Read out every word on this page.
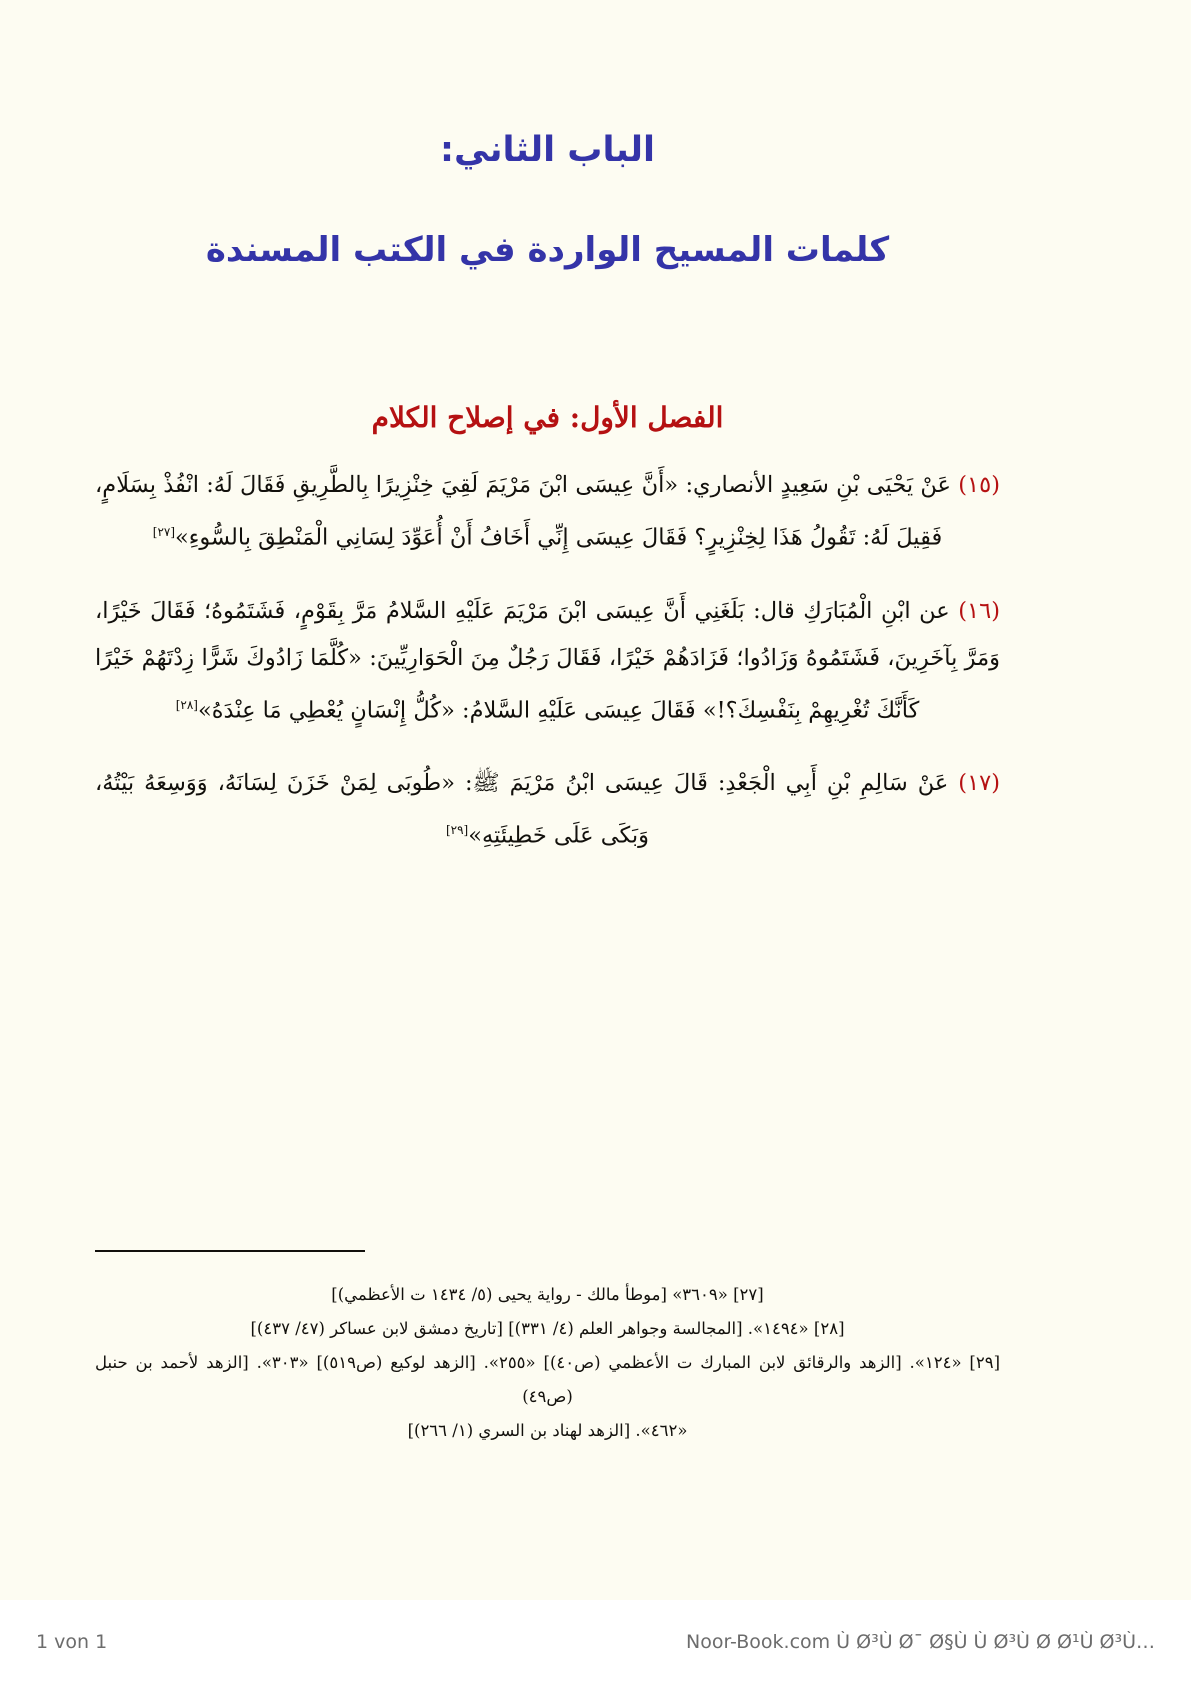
الباب الثاني:
كلمات المسيح الواردة في الكتب المسندة
الفصل الأول: في إصلاح الكلام

(١٥) عَنْ يَحْيَى بْنِ سَعِيدٍ الأنصاري: «أَنَّ عِيسَى ابْنَ مَرْيَمَ لَقِيَ خِنْزِيرًا بِالطَّرِيقِ فَقَالَ لَهُ: انْفُذْ بِسَلَامٍ، فَقِيلَ لَهُ: تَقُولُ هَذَا لِخِنْزِيرٍ؟ فَقَالَ عِيسَى إِنِّي أَخَافُ أَنْ أُعَوِّدَ لِسَانِي الْمَنْطِقَ بِالسُّوءِ»[٢٧]

(١٦) عن ابْنِ الْمُبَارَكِ قال: بَلَغَنِي أَنَّ عِيسَى ابْنَ مَرْيَمَ عَلَيْهِ السَّلامُ مَرَّ بِقَوْمٍ، فَشَتَمُوهُ؛ فَقَالَ خَيْرًا، وَمَرَّ بِآخَرِينَ، فَشَتَمُوهُ وَزَادُوا؛ فَزَادَهُمْ خَيْرًا، فَقَالَ رَجُلٌ مِنَ الْحَوَارِيِّينَ: «كُلَّمَا زَادُوكَ شَرًّا زِدْتَهُمْ خَيْرًا كَأَنَّكَ تُغْرِيهِمْ بِنَفْسِكَ؟!» فَقَالَ عِيسَى عَلَيْهِ السَّلامُ: «كُلُّ إِنْسَانٍ يُعْطِي مَا عِنْدَهُ»[٢٨]

(١٧) عَنْ سَالِمِ بْنِ أَبِي الْجَعْدِ: قَالَ عِيسَى ابْنُ مَرْيَمَ ﷺ: «طُوبَى لِمَنْ خَزَنَ لِسَانَهُ، وَوَسِعَهُ بَيْتُهُ، وَبَكَى عَلَى خَطِيئَتِهِ»[٢٩]

[٢٧] «٣٦٠٩» [موطأ مالك - رواية يحيى (٥/ ١٤٣٤ ت الأعظمي)]

[٢٨] «١٤٩٤». [المجالسة وجواهر العلم (٤/ ٣٣١)] [تاريخ دمشق لابن عساكر (٤٧/ ٤٣٧)]

[٢٩] «١٢٤». [الزهد والرقائق لابن المبارك ت الأعظمي (ص٤٠)] «٢٥٥». [الزهد لوكيع (ص٥١٩)] «٣٠٣». [الزهد لأحمد بن حنبل (ص٤٩)

«٤٦٢». [الزهد لهناد بن السري (١/ ٢٦٦)]

Noor-Book.com Ù Ø³Ù Ø¯ Ø§Ù Ù Ø³Ù Ø Ø¹Ù Ø³Ù…
1 von 1
